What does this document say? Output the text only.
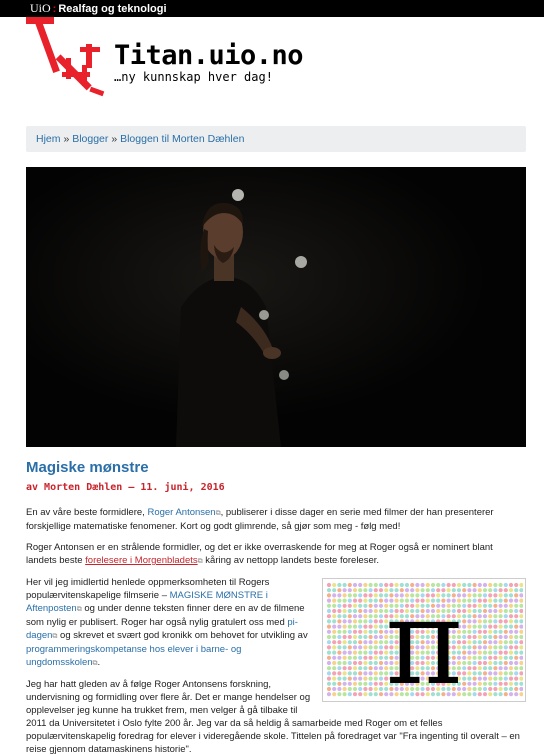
UiO : Realfag og teknologi
Titan.uio.no
…ny kunnskap hver dag!
Hjem » Blogger » Bloggen til Morten Dæhlen
Magiske mønstre
av Morten Dæhlen – 11. juni, 2016

En av våre beste formidlere, Roger Antonsen⧉, publiserer i disse dager en serie med filmer der han presenterer forskjellige matematiske fenomener. Kort og godt glimrende, så gjør som meg - følg med!

Roger Antonsen er en strålende formidler, og det er ikke overraskende for meg at Roger også er nominert blant landets beste forelesere i Morgenbladets⧉ kåring av nettopp landets beste foreleser.

π

Her vil jeg imidlertid henlede oppmerksomheten til Rogers populærvitenskapelige filmserie – MAGISKE MØNSTRE i Aftenposten⧉ og under denne teksten finner dere en av de filmene som nylig er publisert. Roger har også nylig gratulert oss med pi-dagen⧉ og skrevet et svært god kronikk om behovet for utvikling av programmeringskompetanse hos elever i barne- og ungdomsskolen⧉.

Jeg har hatt gleden av å følge Roger Antonsens forskning, undervisning og formidling over flere år. Det er mange hendelser og opplevelser jeg kunne ha trukket frem, men velger å gå tilbake til 2011 da Universitetet i Oslo fylte 200 år. Jeg var da så heldig å samarbeide med Roger om et felles populærvitenskapelig foredrag for elever i videregående skole. Tittelen på foredraget var "Fra ingenting til overalt – en reise gjennom datamaskinens historie".
